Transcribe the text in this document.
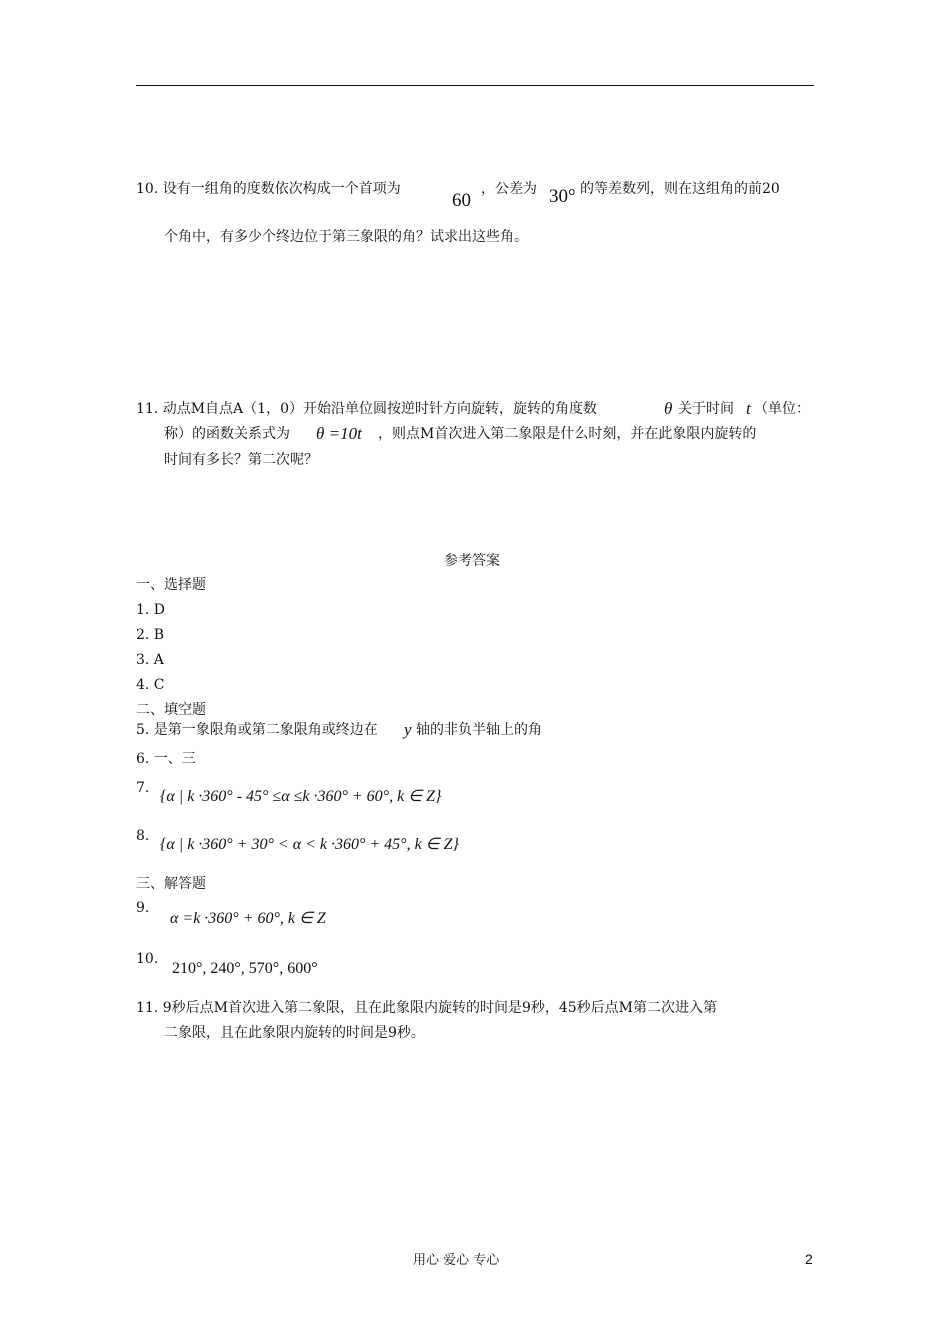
10. 设有一组角的度数依次构成一个首项为
60
，公差为 30° 的等差数列，则在这组角的前20
个角中，有多少个终边位于第三象限的角？试求出这些角。
11. 动点M自点A（1，0）开始沿单位圆按逆时针方向旋转，旋转的角度数	θ 关于时间 t （单位：
称）的函数关系式为 θ =10t ，则点M首次进入第二象限是什么时刻，并在此象限内旋转的
时间有多长？第二次呢？
参考答案
一、选择题
1. D
2. B
3. A
4. C
二、填空题
5. 是第一象限角或第二象限角或终边在 y 轴的非负半轴上的角
6. 一、三
7. {α | k ·360° - 45° ≤α ≤k ·360° + 60°, k ∈ Z}
8. {α | k ·360° + 30° < α < k ·360° + 45°, k ∈ Z}
三、解答题
9.
α =k ·360° + 60°, k ∈ Z
10.
210°, 240°, 570°, 600°
11. 9秒后点M首次进入第二象限，且在此象限内旋转的时间是9秒，45秒后点M第二次进入第
二象限，且在此象限内旋转的时间是9秒。
用心 爱心 专心	2
